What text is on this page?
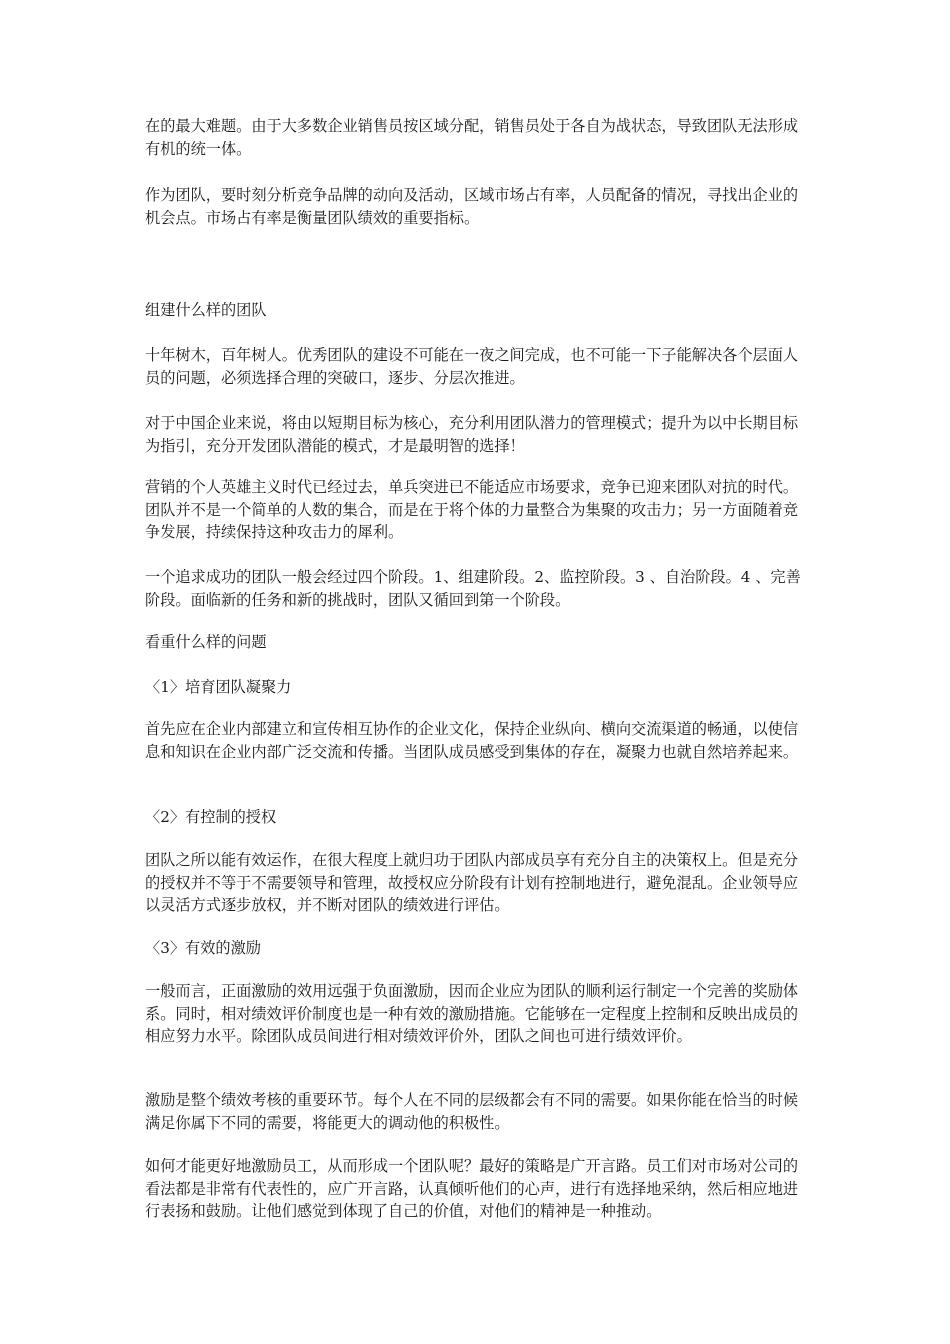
在的最大难题。由于大多数企业销售员按区域分配，销售员处于各自为战状态，导致团队无法形成有机的统一体。

作为团队，要时刻分析竞争品牌的动向及活动，区域市场占有率，人员配备的情况，寻找出企业的机会点。市场占有率是衡量团队绩效的重要指标。

组建什么样的团队

十年树木，百年树人。优秀团队的建设不可能在一夜之间完成，也不可能一下子能解决各个层面人员的问题，必须选择合理的突破口，逐步、分层次推进。

对于中国企业来说，将由以短期目标为核心，充分利用团队潜力的管理模式；提升为以中长期目标为指引，充分开发团队潜能的模式，才是最明智的选择！

营销的个人英雄主义时代已经过去，单兵突进已不能适应市场要求，竞争已迎来团队对抗的时代。团队并不是一个简单的人数的集合，而是在于将个体的力量整合为集聚的攻击力；另一方面随着竞争发展，持续保持这种攻击力的犀利。

一个追求成功的团队一般会经过四个阶段。1、组建阶段。2、监控阶段。3 、自治阶段。4 、完善阶段。面临新的任务和新的挑战时，团队又循回到第一个阶段。

看重什么样的问题

〈1〉培育团队凝聚力

首先应在企业内部建立和宣传相互协作的企业文化，保持企业纵向、横向交流渠道的畅通，以使信息和知识在企业内部广泛交流和传播。当团队成员感受到集体的存在，凝聚力也就自然培养起来。

〈2〉有控制的授权

团队之所以能有效运作，在很大程度上就归功于团队内部成员享有充分自主的决策权上。但是充分的授权并不等于不需要领导和管理，故授权应分阶段有计划有控制地进行，避免混乱。企业领导应以灵活方式逐步放权，并不断对团队的绩效进行评估。

〈3〉有效的激励

一般而言，正面激励的效用远强于负面激励，因而企业应为团队的顺利运行制定一个完善的奖励体系。同时，相对绩效评价制度也是一种有效的激励措施。它能够在一定程度上控制和反映出成员的相应努力水平。除团队成员间进行相对绩效评价外，团队之间也可进行绩效评价。

激励是整个绩效考核的重要环节。每个人在不同的层级都会有不同的需要。如果你能在恰当的时候满足你属下不同的需要，将能更大的调动他的积极性。

如何才能更好地激励员工，从而形成一个团队呢？最好的策略是广开言路。员工们对市场对公司的看法都是非常有代表性的，应广开言路，认真倾听他们的心声，进行有选择地采纳，然后相应地进行表扬和鼓励。让他们感觉到体现了自己的价值，对他们的精神是一种推动。
